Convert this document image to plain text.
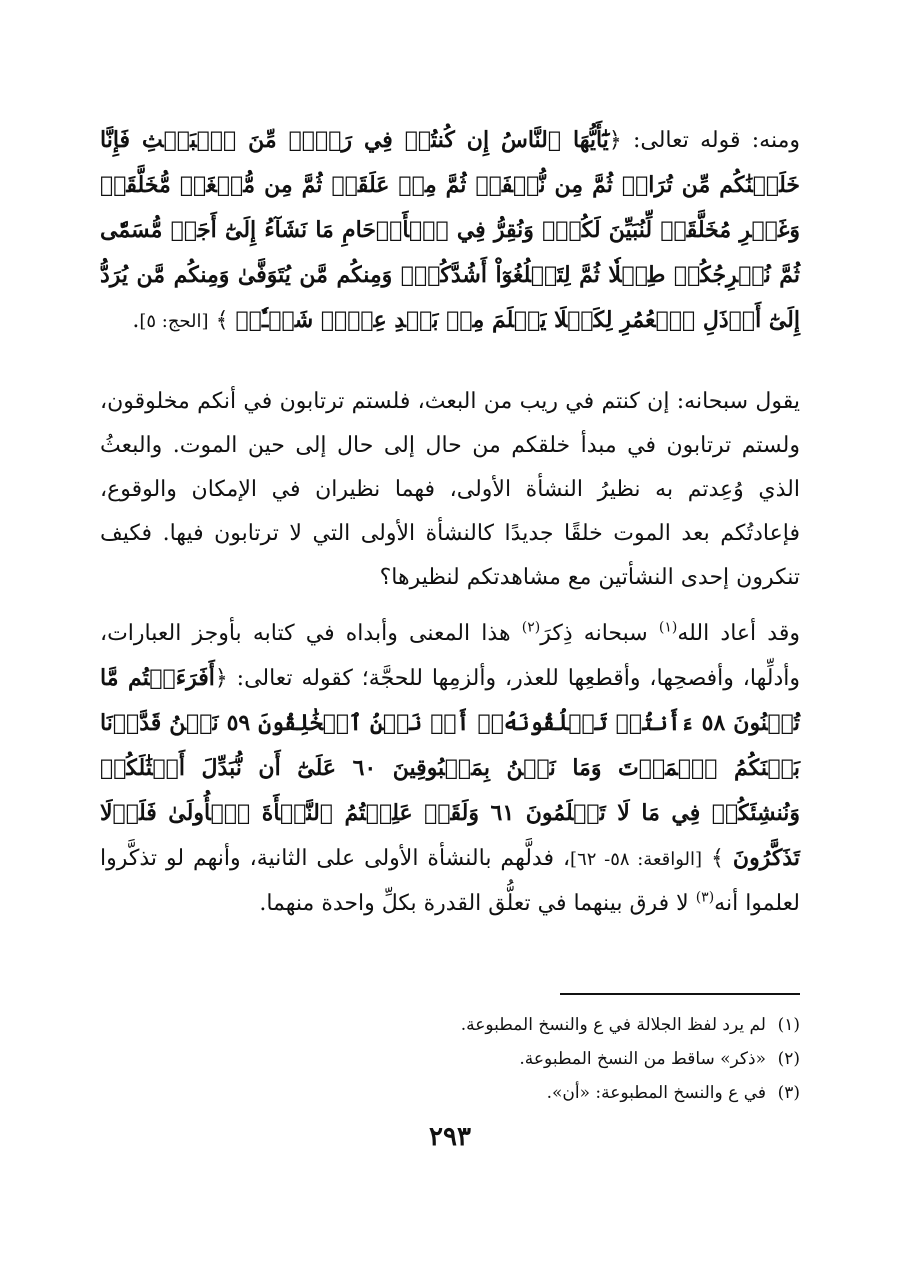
ومنه: قوله تعالى: ﴿يَٰٓأَيُّهَا ٱلنَّاسُ إِن كُنتُمۡ فِي رَيۡبٖ مِّنَ ٱلۡبَعۡثِ فَإِنَّا خَلَقۡنَٰكُم مِّن تُرَابٖ ثُمَّ مِن نُّطۡفَةٖ ثُمَّ مِنۡ عَلَقَةٖ ثُمَّ مِن مُّضۡغَةٖ مُّخَلَّقَةٖ وَغَيۡرِ مُخَلَّقَةٖ لِّنُبَيِّنَ لَكُمۡۚ وَنُقِرُّ فِي ٱلۡأَرۡحَامِ مَا نَشَآءُ إِلَىٰٓ أَجَلٖ مُّسَمّٗى ثُمَّ نُخۡرِجُكُمۡ طِفۡلٗا ثُمَّ لِتَبۡلُغُوٓاْ أَشُدَّكُمۡۖ وَمِنكُم مَّن يُتَوَفَّىٰ وَمِنكُم مَّن يُرَدُّ إِلَىٰٓ أَرۡذَلِ ٱلۡعُمُرِ لِكَيۡلَا يَعۡلَمَ مِنۢ بَعۡدِ عِلۡمٖ شَيۡـٔٗاۚ ﴾ [الحج: ٥].

يقول سبحانه: إن كنتم في ريب من البعث، فلستم ترتابون في أنكم مخلوقون، ولستم ترتابون في مبدأ خلقكم من حال إلى حال إلى حين الموت. والبعثُ الذي وُعِدتم به نظيرُ النشأة الأولى، فهما نظيران في الإمكان والوقوع، فإعادتُكم بعد الموت خلقًا جديدًا كالنشأة الأولى التي لا ترتابون فيها. فكيف تنكرون إحدى النشأتين مع مشاهدتكم لنظيرها؟

وقد أعاد الله$^{(١)}$ سبحانه ذِكرَ$^{(٢)}$ هذا المعنى وأبداه في كتابه بأوجز العبارات، وأدلِّها، وأفصحِها، وأقطعِها للعذر، وألزمِها للحجَّة؛ كقوله تعالى: ﴿أَفَرَءَيۡتُم مَّا تُمۡنُونَ ٥٨ ءَأَنتُمۡ تَخۡلُقُونَهُۥٓ أَمۡ نَحۡنُ ٱلۡخَٰلِقُونَ ٥٩ نَحۡنُ قَدَّرۡنَا بَيۡنَكُمُ ٱلۡمَوۡتَ وَمَا نَحۡنُ بِمَسۡبُوقِينَ ٦٠ عَلَىٰٓ أَن نُّبَدِّلَ أَمۡثَٰلَكُمۡ وَنُنشِئَكُمۡ فِي مَا لَا تَعۡلَمُونَ ٦١ وَلَقَدۡ عَلِمۡتُمُ ٱلنَّشۡأَةَ ٱلۡأُولَىٰ فَلَوۡلَا تَذَكَّرُونَ ﴾ [الواقعة: ٥٨- ٦٢]، فدلَّهم بالنشأة الأولى على الثانية، وأنهم لو تذكَّروا لعلموا أنه$^{(٣)}$ لا فرق بينهما في تعلُّق القدرة بكلِّ واحدة منهما.

(١)لم يرد لفظ الجلالة في ع والنسخ المطبوعة.
(٢)«ذكر» ساقط من النسخ المطبوعة.
(٣)في ع والنسخ المطبوعة: «أن».
٢٩٣
